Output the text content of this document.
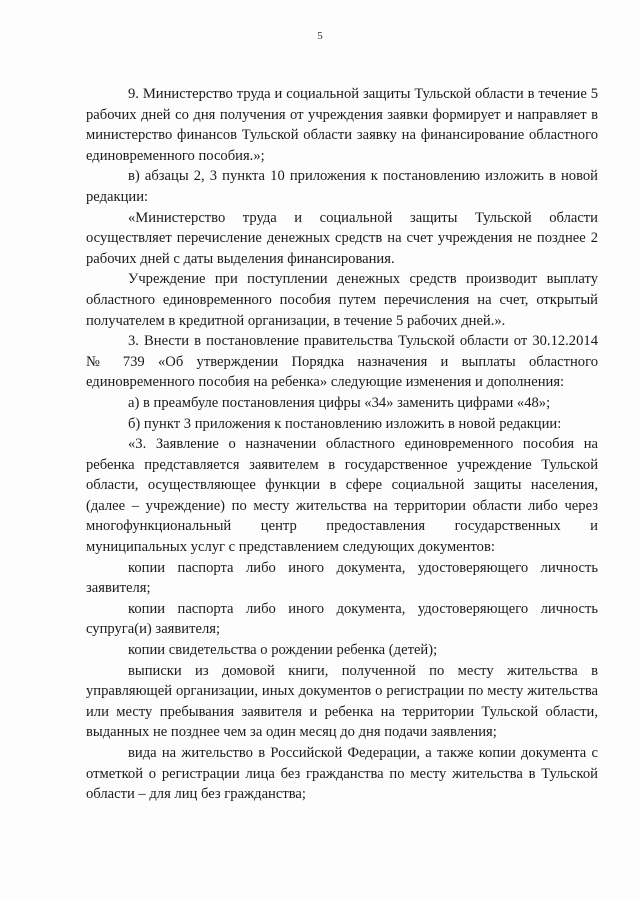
5

9. Министерство труда и социальной защиты Тульской области в течение 5 рабочих дней со дня получения от учреждения заявки формирует и направляет в министерство финансов Тульской области заявку на финансирование областного единовременного пособия.»;

в) абзацы 2, 3 пункта 10 приложения к постановлению изложить в новой редакции:

«Министерство труда и социальной защиты Тульской области осуществляет перечисление денежных средств на счет учреждения не позднее 2 рабочих дней с даты выделения финансирования.

Учреждение при поступлении денежных средств производит выплату областного единовременного пособия путем перечисления на счет, открытый получателем в кредитной организации, в течение 5 рабочих дней.».

3. Внести в постановление правительства Тульской области от 30.12.2014 № 739 «Об утверждении Порядка назначения и выплаты областного единовременного пособия на ребенка» следующие изменения и дополнения:

а) в преамбуле постановления цифры «34» заменить цифрами «48»;

б) пункт 3 приложения к постановлению изложить в новой редакции:

«3. Заявление о назначении областного единовременного пособия на ребенка представляется заявителем в государственное учреждение Тульской области, осуществляющее функции в сфере социальной защиты населения, (далее – учреждение) по месту жительства на территории области либо через многофункциональный центр предоставления государственных и муниципальных услуг с представлением следующих документов:

копии паспорта либо иного документа, удостоверяющего личность заявителя;

копии паспорта либо иного документа, удостоверяющего личность супруга(и) заявителя;

копии свидетельства о рождении ребенка (детей);

выписки из домовой книги, полученной по месту жительства в управляющей организации, иных документов о регистрации по месту жительства или месту пребывания заявителя и ребенка на территории Тульской области, выданных не позднее чем за один месяц до дня подачи заявления;

вида на жительство в Российской Федерации, а также копии документа с отметкой о регистрации лица без гражданства по месту жительства в Тульской области – для лиц без гражданства;
